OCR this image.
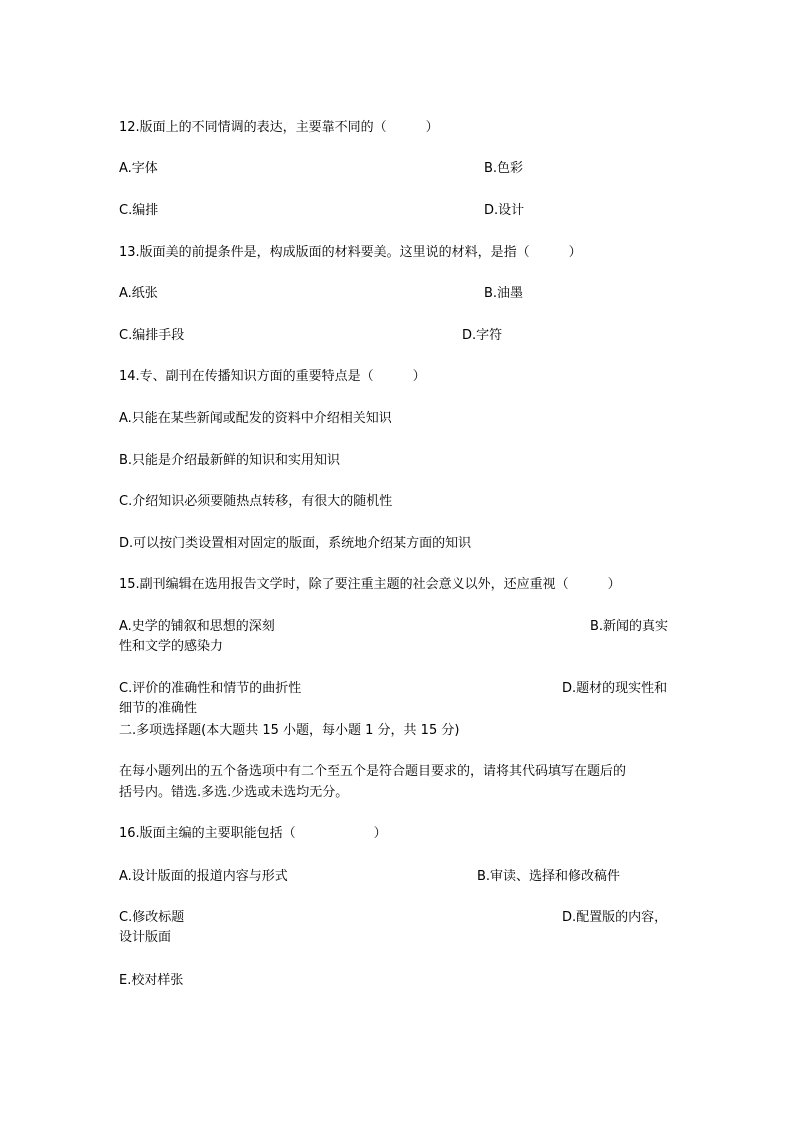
12.版面上的不同情调的表达，主要靠不同的（　　　）
A.字体	B.色彩
C.编排	D.设计
13.版面美的前提条件是，构成版面的材料要美。这里说的材料，是指（　　　）
A.纸张	B.油墨
C.编排手段	D.字符
14.专、副刊在传播知识方面的重要特点是（　　　）
A.只能在某些新闻或配发的资料中介绍相关知识
B.只能是介绍最新鲜的知识和实用知识
C.介绍知识必须要随热点转移，有很大的随机性
D.可以按门类设置相对固定的版面，系统地介绍某方面的知识
15.副刊编辑在选用报告文学时，除了要注重主题的社会意义以外，还应重视（　　　）
A.史学的铺叙和思想的深刻	B.新闻的真实
性和文学的感染力
C.评价的准确性和情节的曲折性	D.题材的现实性和
细节的准确性
二.多项选择题(本大题共 15 小题，每小题 1 分，共 15 分)
在每小题列出的五个备选项中有二个至五个是符合题目要求的，请将其代码填写在题后的
括号内。错选.多选.少选或未选均无分。
16.版面主编的主要职能包括（　　　　　　）
A.设计版面的报道内容与形式	B.审读、选择和修改稿件
C.修改标题	D.配置版的内容，
设计版面
E.校对样张
